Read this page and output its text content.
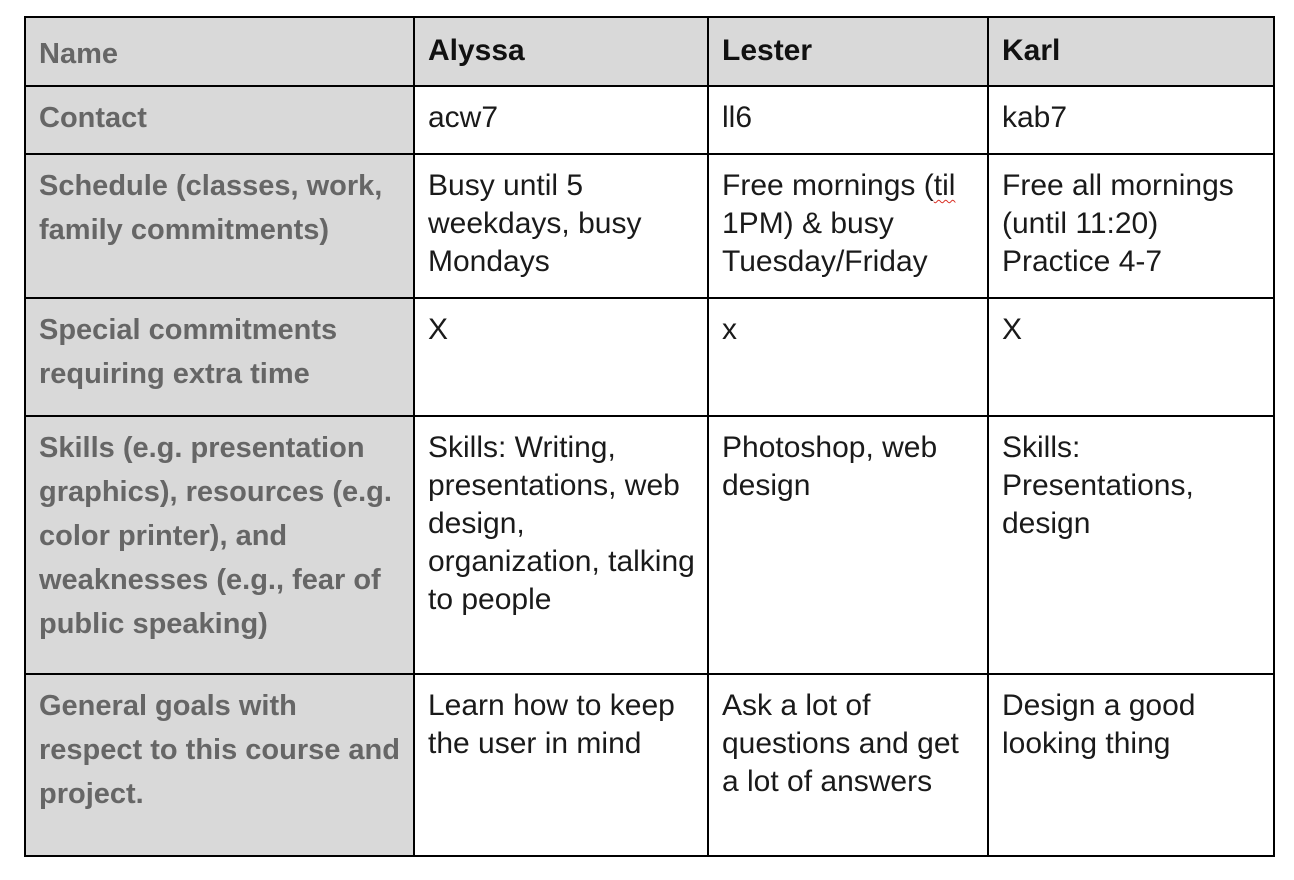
Name	Alyssa	Lester	Karl
Contact	acw7	ll6	kab7
Schedule (classes, work, family commitments)	Busy until 5 weekdays, busy Mondays	Free mornings (til 1PM) & busy Tuesday/Friday	Free all mornings (until 11:20) Practice 4-7
Special commitments requiring extra time	X	x	X
Skills (e.g. presentation graphics), resources (e.g. color printer), and weaknesses (e.g., fear of public speaking)	Skills: Writing, presentations, web design, organization, talking to people	Photoshop, web design	Skills: Presentations, design
General goals with respect to this course and project.	Learn how to keep the user in mind	Ask a lot of questions and get a lot of answers	Design a good looking thing
